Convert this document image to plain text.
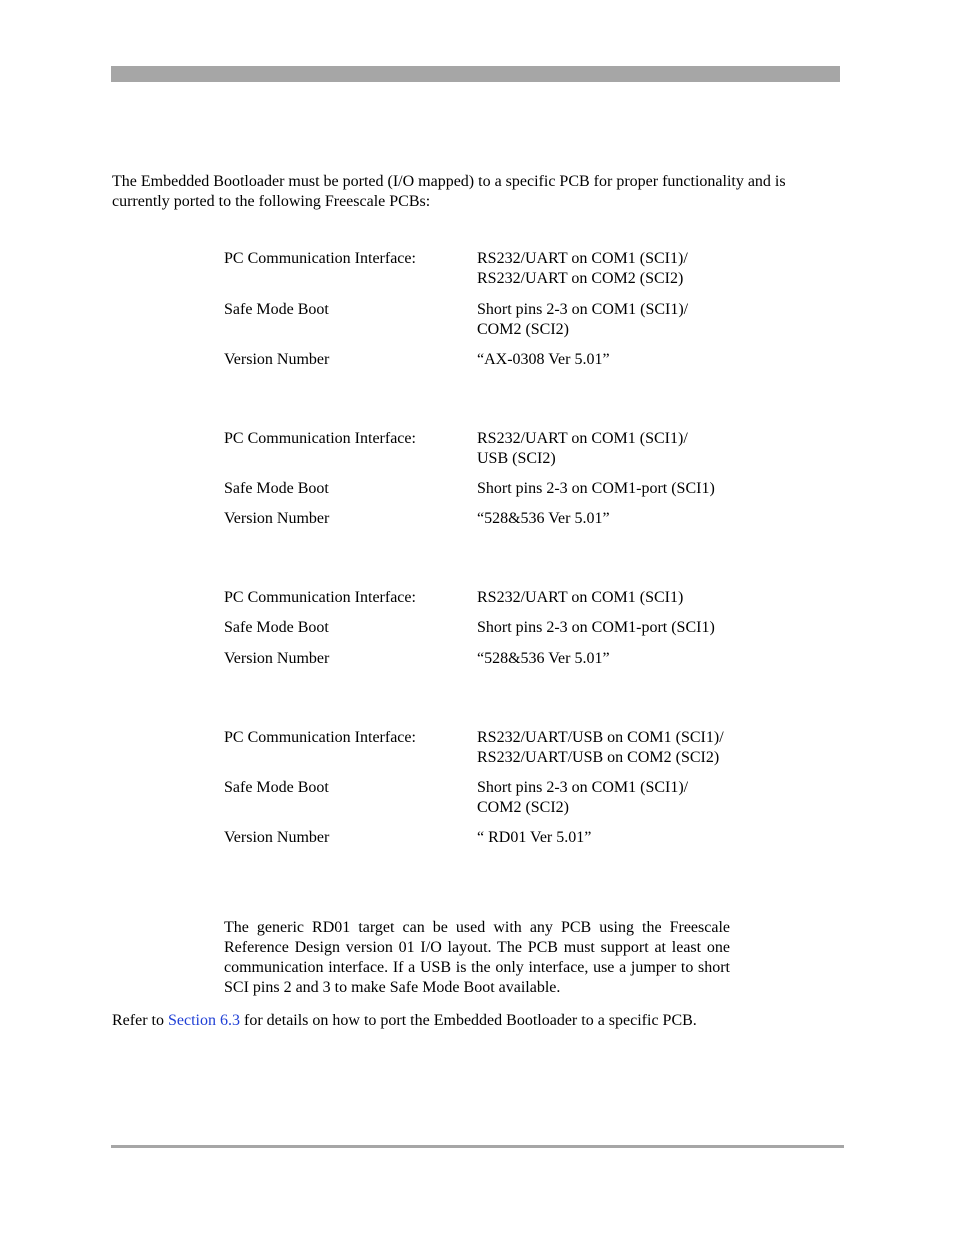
The Embedded Bootloader must be ported (I/O mapped) to a specific PCB for proper functionality and is
currently ported to the following Freescale PCBs:

PC Communication Interface:	RS232/UART on COM1 (SCI1)/
RS232/UART on COM2 (SCI2)
Safe Mode Boot	Short pins 2-3 on COM1 (SCI1)/
COM2 (SCI2)
Version Number	“AX-0308 Ver 5.01”
PC Communication Interface:	RS232/UART on COM1 (SCI1)/
USB (SCI2)
Safe Mode Boot	Short pins 2-3 on COM1-port (SCI1)
Version Number	“528&536 Ver 5.01”
PC Communication Interface:	RS232/UART on COM1 (SCI1)
Safe Mode Boot	Short pins 2-3 on COM1-port (SCI1)
Version Number	“528&536 Ver 5.01”
PC Communication Interface:	RS232/UART/USB on COM1 (SCI1)/
RS232/UART/USB on COM2 (SCI2)
Safe Mode Boot	Short pins 2-3 on COM1 (SCI1)/
COM2 (SCI2)
Version Number	“ RD01 Ver 5.01”

The generic RD01 target can be used with any PCB using the Freescale Reference Design version 01 I/O layout. The PCB must support at least one communication interface. If a USB is the only interface, use a jumper to short SCI pins 2 and 3 to make Safe Mode Boot available.

Refer to Section 6.3 for details on how to port the Embedded Bootloader to a specific PCB.
